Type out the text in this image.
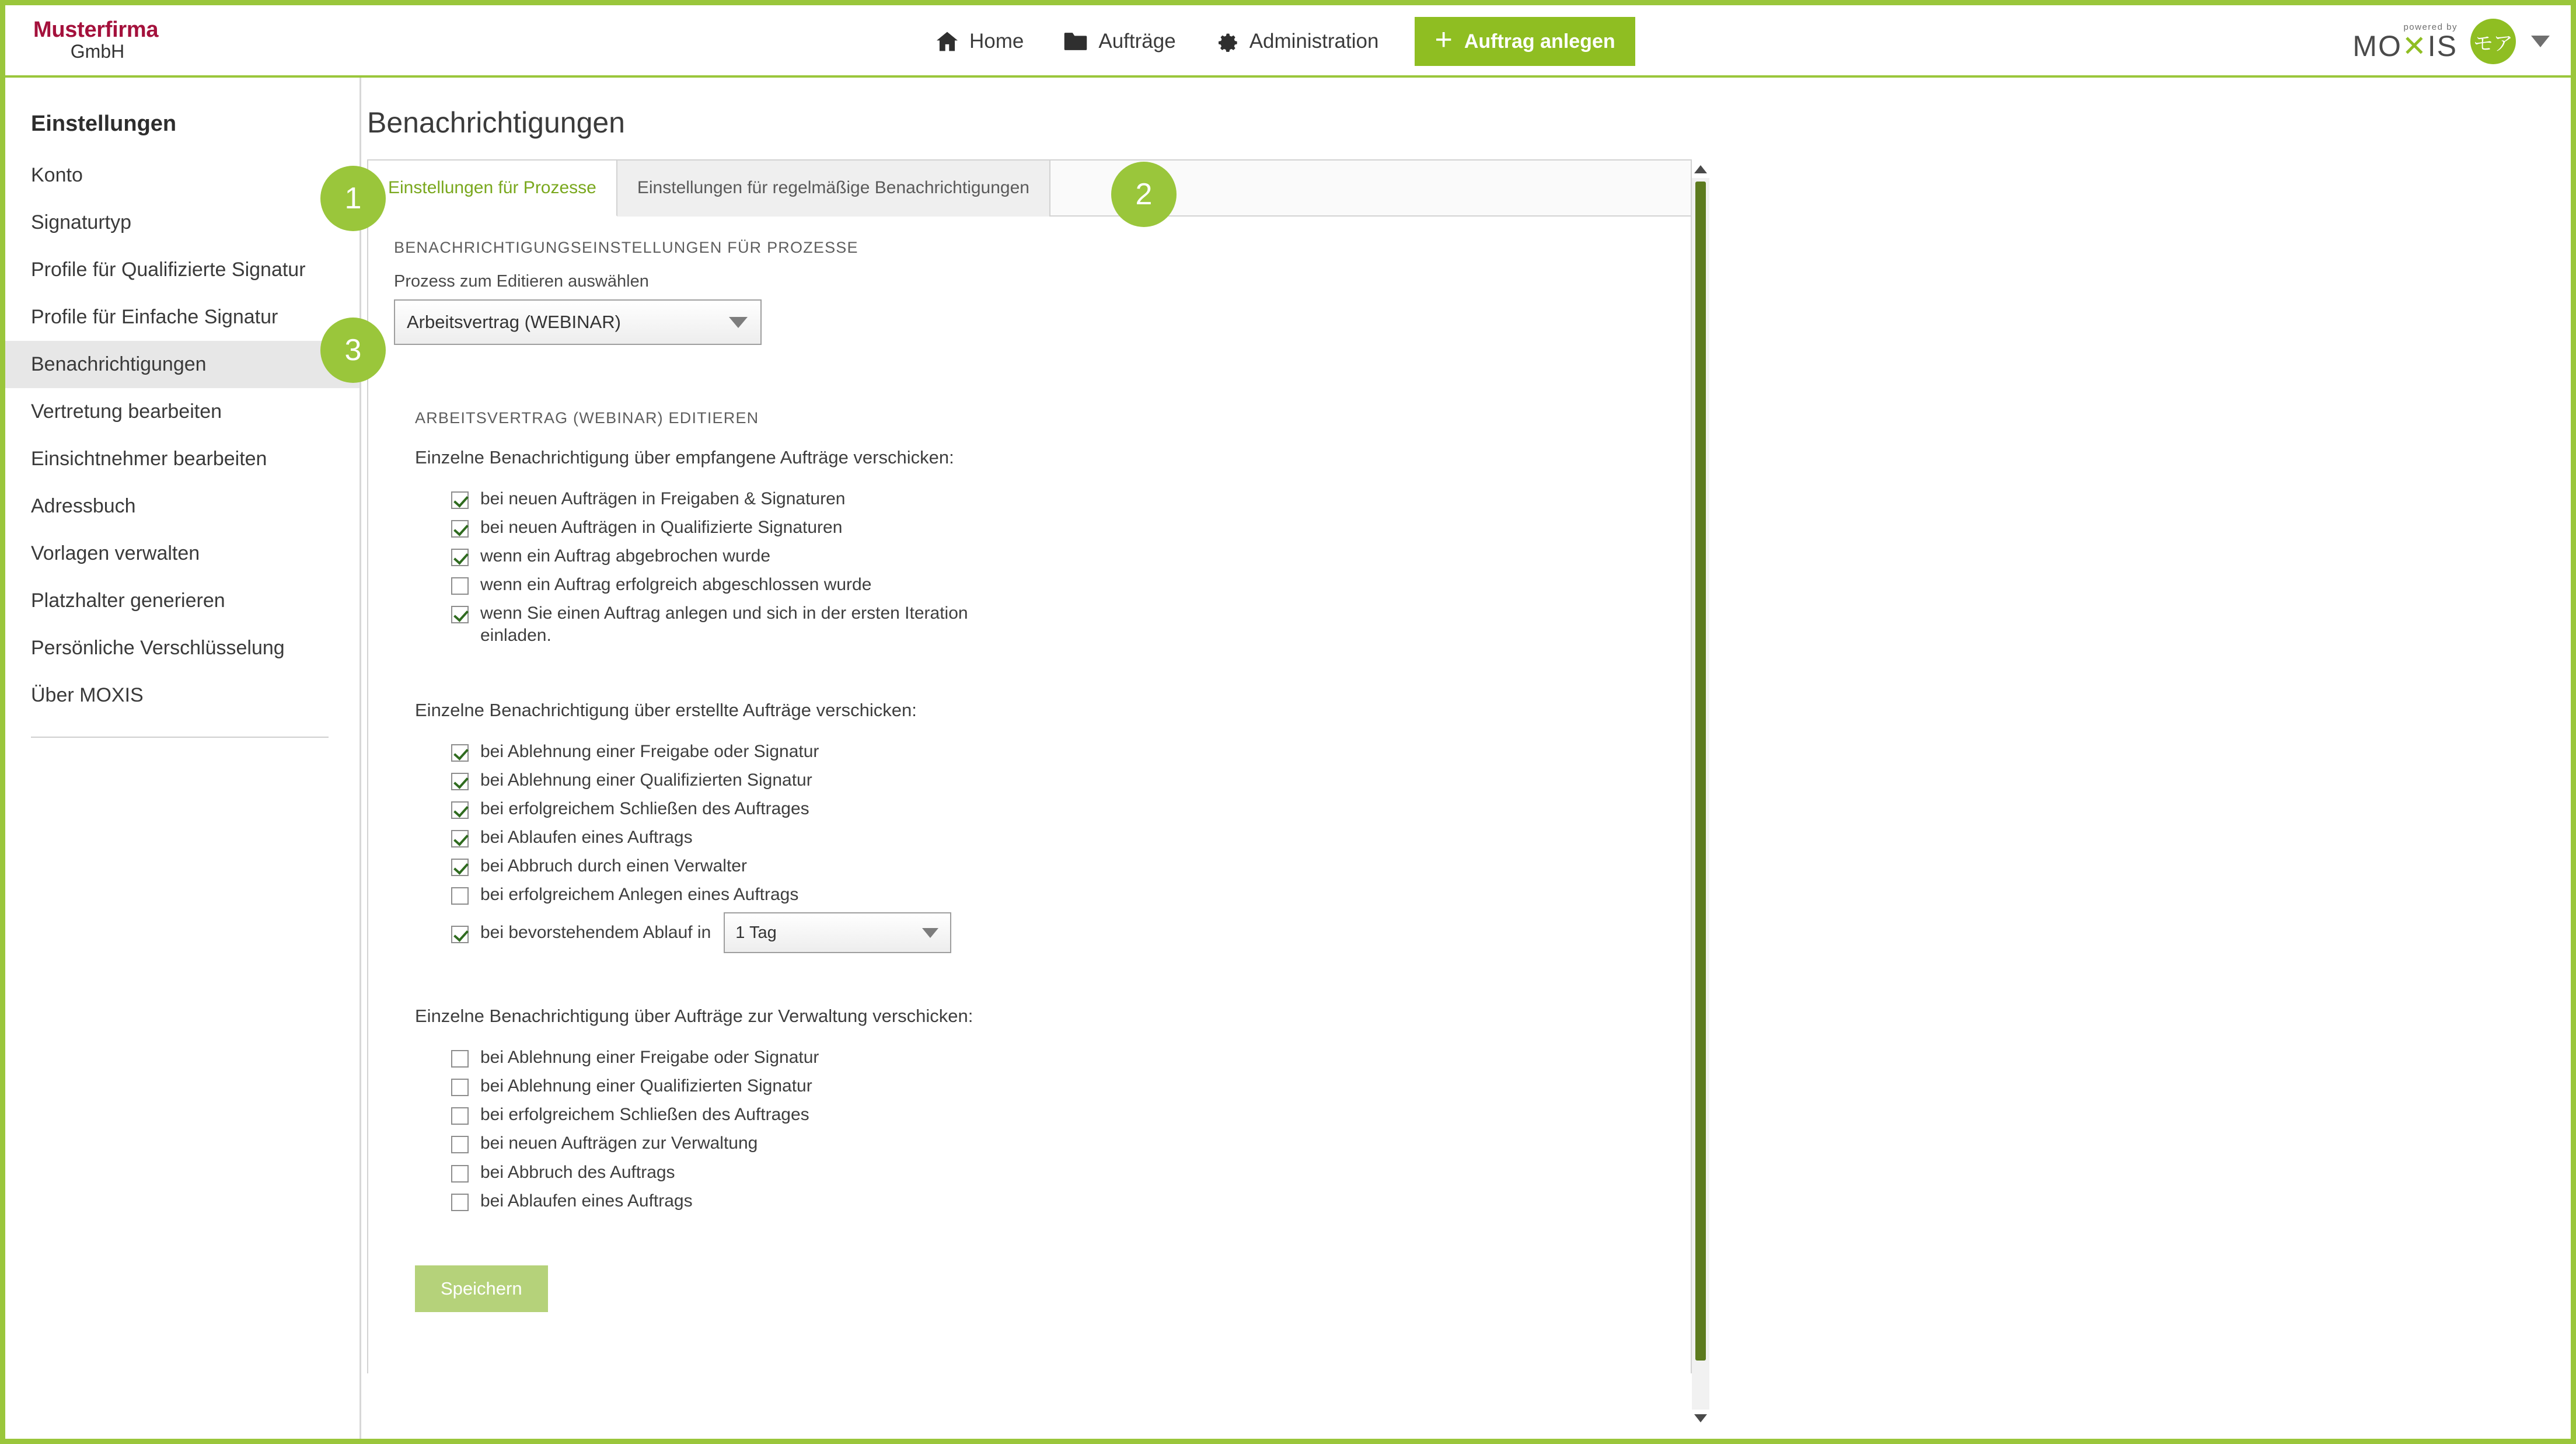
Musterfirma
GmbH	Home	Aufträge	Administration + Auftrag anlegen
powered by
MO✕IS モア
Einstellungen
Konto
Signaturtyp
Profile für Qualifizierte Signatur
Profile für Einfache Signatur
Benachrichtigungen
Vertretung bearbeiten
Einsichtnehmer bearbeiten
Adressbuch
Vorlagen verwalten
Platzhalter generieren
Persönliche Verschlüsselung
Über MOXIS
Benachrichtigungen
Einstellungen für Prozesse	Einstellungen für regelmäßige Benachrichtigungen
BENACHRICHTIGUNGSEINSTELLUNGEN FÜR PROZESSE
Prozess zum Editieren auswählen
Arbeitsvertrag (WEBINAR)
ARBEITSVERTRAG (WEBINAR) EDITIEREN
Einzelne Benachrichtigung über empfangene Aufträge verschicken:
bei neuen Aufträgen in Freigaben & Signaturen
bei neuen Aufträgen in Qualifizierte Signaturen
wenn ein Auftrag abgebrochen wurde
wenn ein Auftrag erfolgreich abgeschlossen wurde
wenn Sie einen Auftrag anlegen und sich in der ersten Iteration einladen.
Einzelne Benachrichtigung über erstellte Aufträge verschicken:
bei Ablehnung einer Freigabe oder Signatur
bei Ablehnung einer Qualifizierten Signatur
bei erfolgreichem Schließen des Auftrages
bei Ablaufen eines Auftrags
bei Abbruch durch einen Verwalter
bei erfolgreichem Anlegen eines Auftrags
bei bevorstehendem Ablauf in 1 Tag
Einzelne Benachrichtigung über Aufträge zur Verwaltung verschicken:
bei Ablehnung einer Freigabe oder Signatur
bei Ablehnung einer Qualifizierten Signatur
bei erfolgreichem Schließen des Auftrages
bei neuen Aufträgen zur Verwaltung
bei Abbruch des Auftrags
bei Ablaufen eines Auftrags
Speichern
1	2
3
